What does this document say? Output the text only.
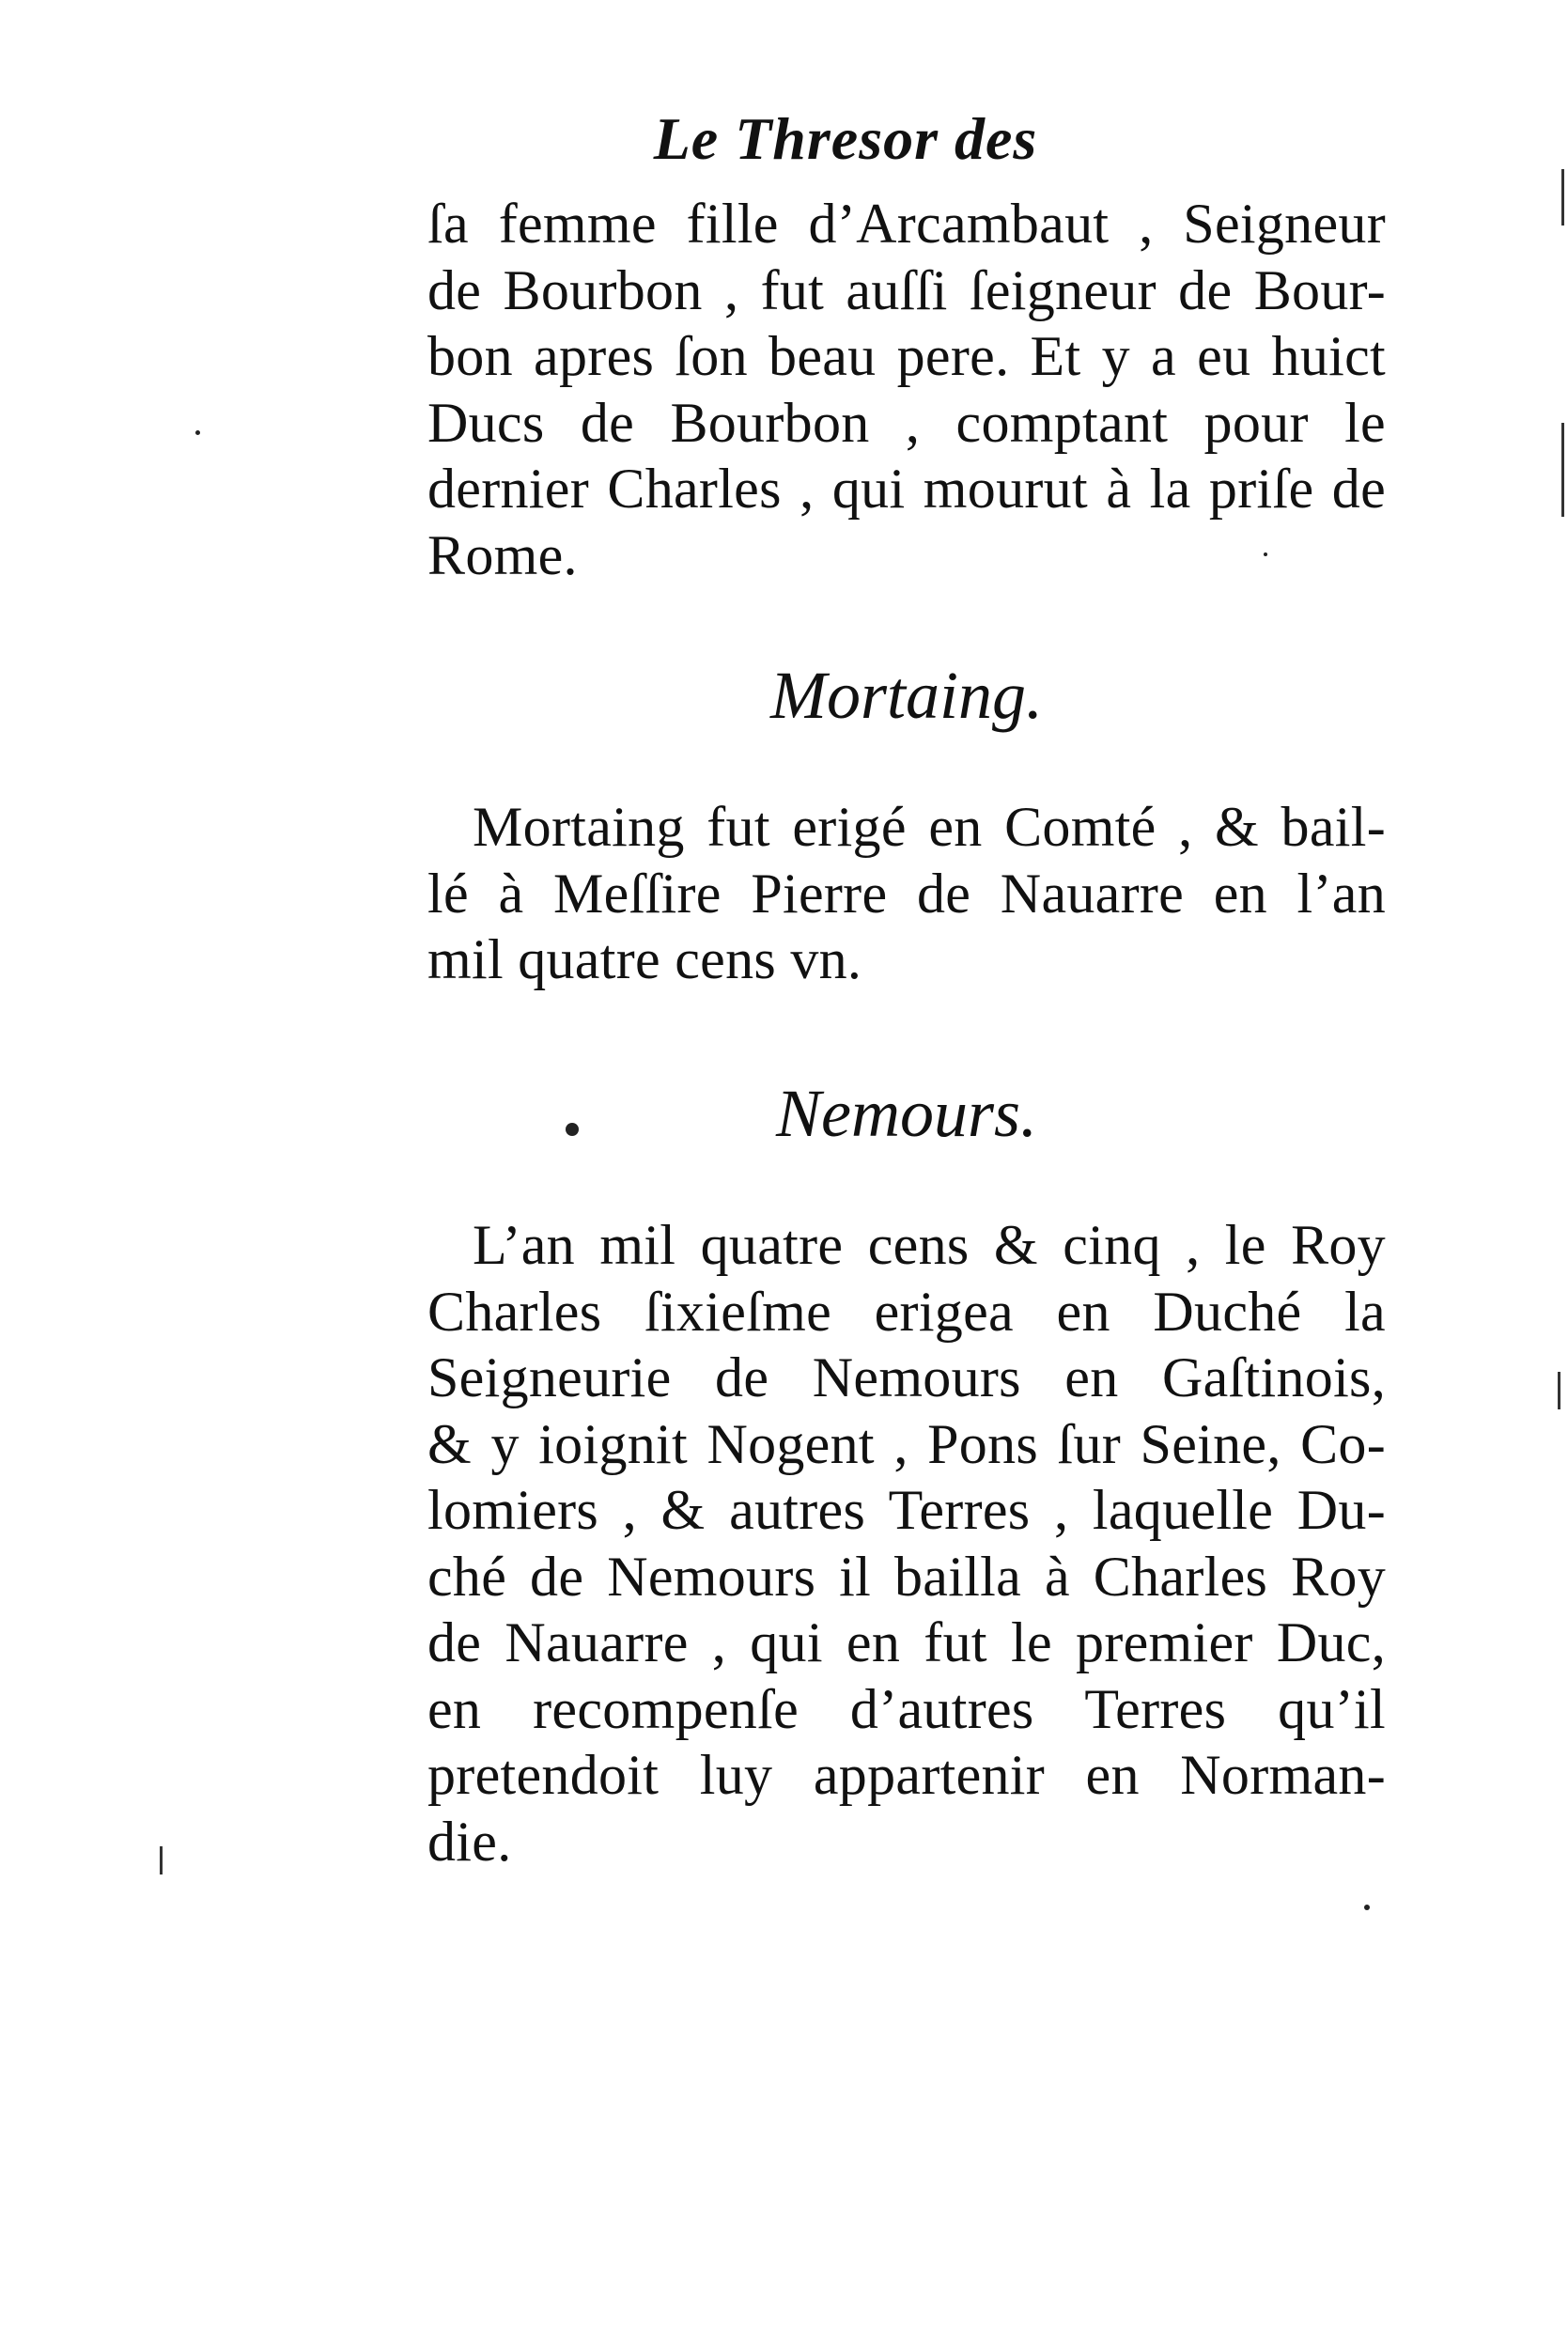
Le Thresor des
ſa femme fille d’Arcambaut , Seigneur
de Bourbon , fut auſſi ſeigneur de Bour-
bon apres ſon beau pere. Et y a eu huict
Ducs de Bourbon , comptant pour le
dernier Charles , qui mourut à la priſe de
Rome.
Mortaing.
Mortaing fut erigé en Comté , & bail-
lé à Meſſire Pierre de Nauarre en l’an
mil quatre cens vn.
Nemours.
L’an mil quatre cens & cinq , le Roy
Charles ſixieſme erigea en Duché la
Seigneurie de Nemours en Gaſtinois,
& y ioignit Nogent , Pons ſur Seine, Co-
lomiers , & autres Terres , laquelle Du-
ché de Nemours il bailla à Charles Roy
de Nauarre , qui en fut le premier Duc,
en recompenſe d’autres Terres qu’il
pretendoit luy appartenir en Norman-
die.
